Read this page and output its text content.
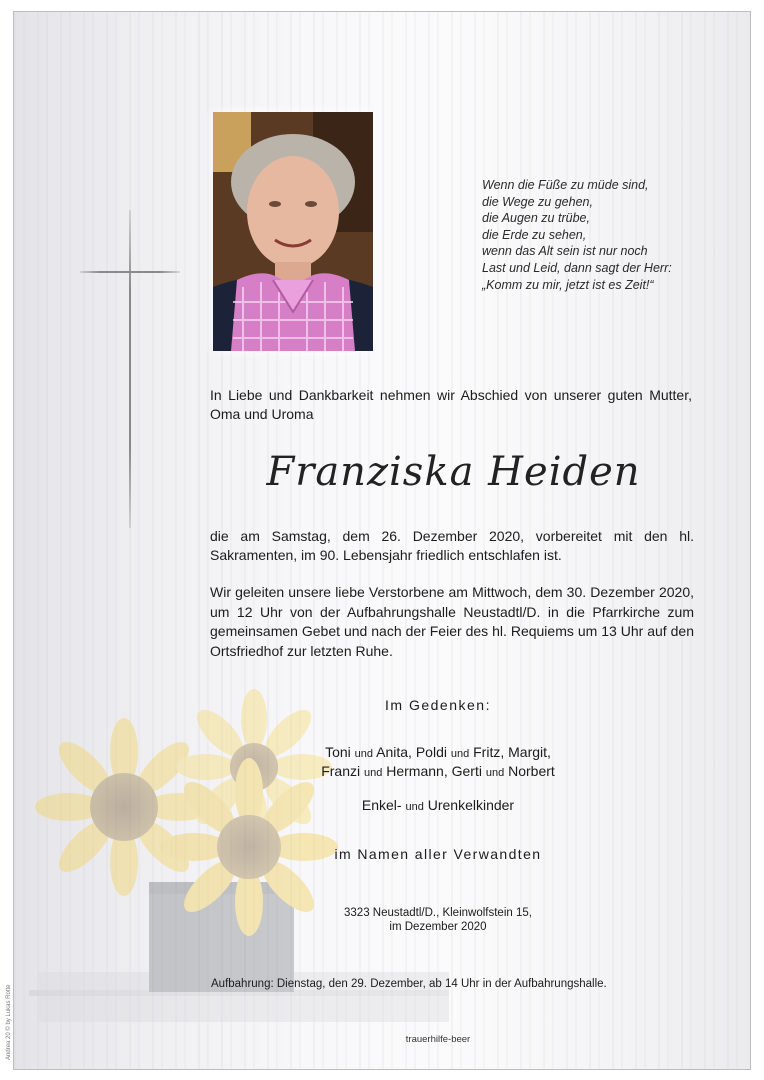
Wenn die Füße zu müde sind,
die Wege zu gehen,
die Augen zu trübe,
die Erde zu sehen,
wenn das Alt sein ist nur noch
Last und Leid, dann sagt der Herr:
„Komm zu mir, jetzt ist es Zeit!“
In Liebe und Dankbarkeit nehmen wir Abschied von unserer guten Mutter, Oma und Uroma
Franziska Heiden
die am Samstag, dem 26. Dezember 2020, vorbereitet mit den hl. Sakramenten, im 90. Lebensjahr friedlich entschlafen ist.
Wir geleiten unsere liebe Verstorbene am Mittwoch, dem 30. Dezember 2020, um 12 Uhr von der Aufbahrungshalle Neustadtl/D. in die Pfarrkirche zum gemeinsamen Gebet und nach der Feier des hl. Requiems um 13 Uhr auf den Ortsfriedhof zur letzten Ruhe.
Im Gedenken:
Toni und Anita, Poldi und Fritz, Margit,
Franzi und Hermann, Gerti und Norbert
Enkel- und Urenkelkinder
im Namen aller Verwandten
3323 Neustadtl/D., Kleinwolfstein 15,
im Dezember 2020
Aufbahrung: Dienstag, den 29. Dezember, ab 14 Uhr in der Aufbahrungshalle.
trauerhilfe-beer
Andrea 20 © by Lukas Rotte
